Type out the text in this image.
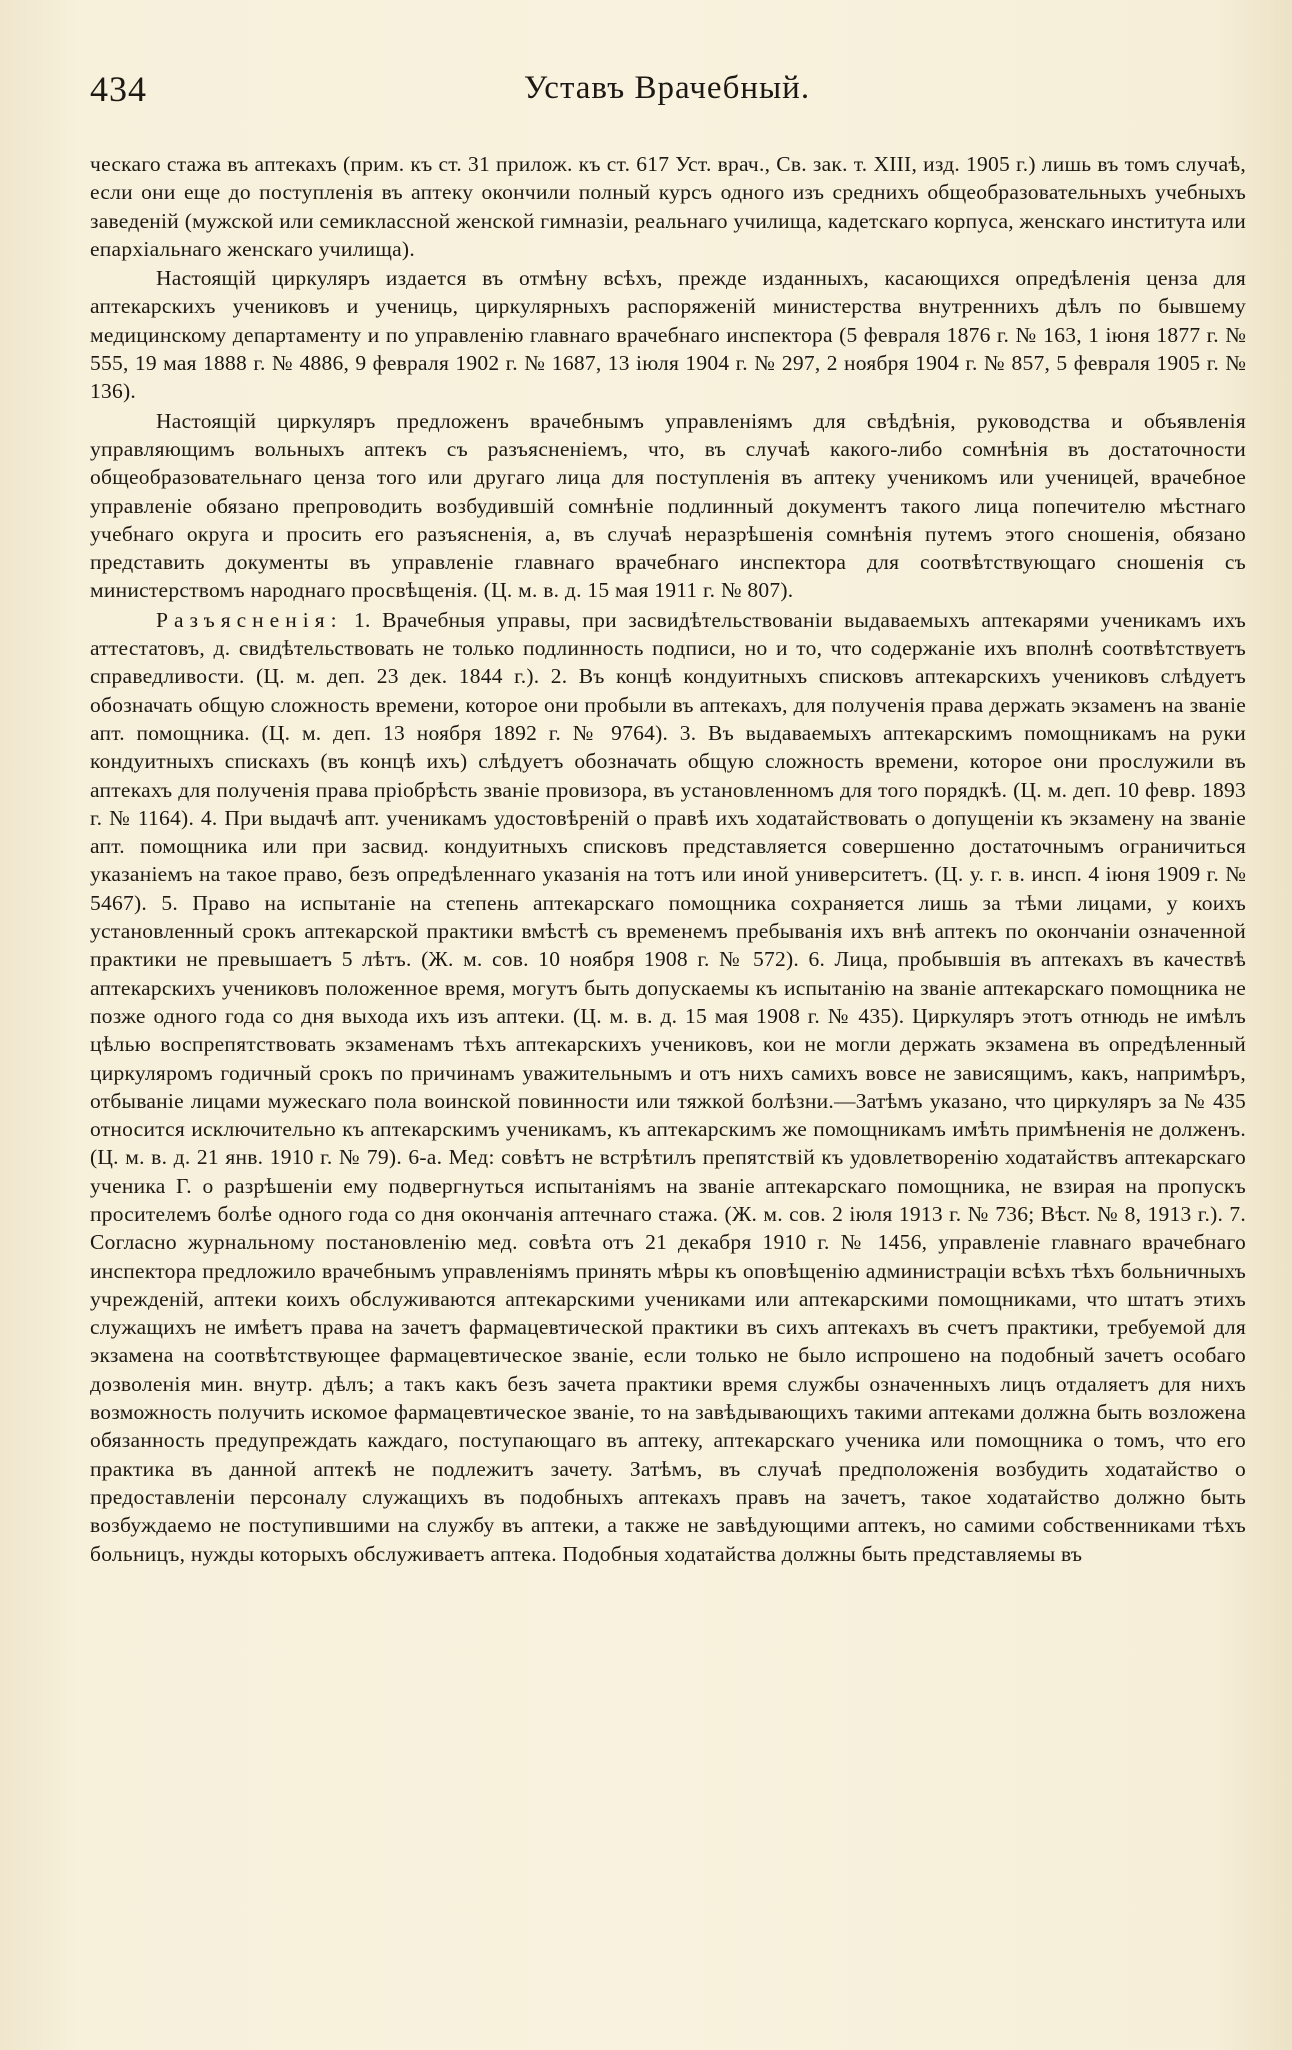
434	Уставъ Врачебный.

ческаго стажа въ аптекахъ (прим. къ ст. 31 прилож. къ ст. 617 Уст. врач., Св. зак. т. XIII, изд. 1905 г.) лишь въ томъ случаѣ, если они еще до поступленія въ аптеку окончили полный курсъ одного изъ среднихъ общеобразовательныхъ учебныхъ заведеній (мужской или семиклассной женской гимназіи, реальнаго училища, кадетскаго корпуса, женскаго института или епархіальнаго женскаго училища).

Настоящій циркуляръ издается въ отмѣну всѣхъ, прежде изданныхъ, касающихся опредѣленія ценза для аптекарскихъ учениковъ и учениць, циркулярныхъ распоряженій министерства внутреннихъ дѣлъ по бывшему медицинскому департаменту и по управленію главнаго врачебнаго инспектора (5 февраля 1876 г. № 163, 1 іюня 1877 г. № 555, 19 мая 1888 г. № 4886, 9 февраля 1902 г. № 1687, 13 іюля 1904 г. № 297, 2 ноября 1904 г. № 857, 5 февраля 1905 г. № 136).

Настоящій циркуляръ предложенъ врачебнымъ управленіямъ для свѣдѣнія, руководства и объявленія управляющимъ вольныхъ аптекъ съ разъясненіемъ, что, въ случаѣ какого-либо сомнѣнія въ достаточности общеобразовательнаго ценза того или другаго лица для поступленія въ аптеку ученикомъ или ученицей, врачебное управленіе обязано препроводить возбудившій сомнѣніе подлинный документъ такого лица попечителю мѣстнаго учебнаго округа и просить его разъясненія, а, въ случаѣ неразрѣшенія сомнѣнія путемъ этого сношенія, обязано представить документы въ управленіе главнаго врачебнаго инспектора для соотвѣтствующаго сношенія съ министерствомъ народнаго просвѣщенія. (Ц. м. в. д. 15 мая 1911 г. № 807).

Разъясненія: 1. Врачебныя управы, при засвидѣтельствованіи выдаваемыхъ аптекарями ученикамъ ихъ аттестатовъ, д. свидѣтельствовать не только подлинность подписи, но и то, что содержаніе ихъ вполнѣ соотвѣтствуетъ справедливости. (Ц. м. деп. 23 дек. 1844 г.). 2. Въ концѣ кондуитныхъ списковъ аптекарскихъ учениковъ слѣдуетъ обозначать общую сложность времени, которое они пробыли въ аптекахъ, для полученія права держать экзаменъ на званіе апт. помощника. (Ц. м. деп. 13 ноября 1892 г. № 9764). 3. Въ выдаваемыхъ аптекарскимъ помощникамъ на руки кондуитныхъ спискахъ (въ концѣ ихъ) слѣдуетъ обозначать общую сложность времени, которое они прослужили въ аптекахъ для полученія права пріобрѣсть званіе провизора, въ установленномъ для того порядкѣ. (Ц. м. деп. 10 февр. 1893 г. № 1164). 4. При выдачѣ апт. ученикамъ удостовѣреній о правѣ ихъ ходатайствовать о допущеніи къ экзамену на званіе апт. помощника или при засвид. кондуитныхъ списковъ представляется совершенно достаточнымъ ограничиться указаніемъ на такое право, безъ опредѣленнаго указанія на тотъ или иной университетъ. (Ц. у. г. в. инсп. 4 іюня 1909 г. № 5467). 5. Право на испытаніе на степень аптекарскаго помощника сохраняется лишь за тѣми лицами, у коихъ установленный срокъ аптекарской практики вмѣстѣ съ временемъ пребыванія ихъ внѣ аптекъ по окончаніи означенной практики не превышаетъ 5 лѣтъ. (Ж. м. сов. 10 ноября 1908 г. № 572). 6. Лица, пробывшія въ аптекахъ въ качествѣ аптекарскихъ учениковъ положенное время, могутъ быть допускаемы къ испытанію на званіе аптекарскаго помощника не позже одного года со дня выхода ихъ изъ аптеки. (Ц. м. в. д. 15 мая 1908 г. № 435). Циркуляръ этотъ отнюдь не имѣлъ цѣлью воспрепятствовать экзаменамъ тѣхъ аптекарскихъ учениковъ, кои не могли держать экзамена въ опредѣленный циркуляромъ годичный срокъ по причинамъ уважительнымъ и отъ нихъ самихъ вовсе не зависящимъ, какъ, напримѣръ, отбываніе лицами мужескаго пола воинской повинности или тяжкой болѣзни.—Затѣмъ указано, что циркуляръ за № 435 относится исключительно къ аптекарскимъ ученикамъ, къ аптекарскимъ же помощникамъ имѣть примѣненія не долженъ. (Ц. м. в. д. 21 янв. 1910 г. № 79). 6-а. Мед: совѣтъ не встрѣтилъ препятствій къ удовлетворенію ходатайствъ аптекарскаго ученика Г. о разрѣшеніи ему подвергнуться испытаніямъ на званіе аптекарскаго помощника, не взирая на пропускъ просителемъ болѣе одного года со дня окончанія аптечнаго стажа. (Ж. м. сов. 2 іюля 1913 г. № 736; Вѣст. № 8, 1913 г.). 7. Согласно журнальному постановленію мед. совѣта отъ 21 декабря 1910 г. № 1456, управленіе главнаго врачебнаго инспектора предложило врачебнымъ управленіямъ принять мѣры къ оповѣщенію администраціи всѣхъ тѣхъ больничныхъ учрежденій, аптеки коихъ обслуживаются аптекарскими учениками или аптекарскими помощниками, что штатъ этихъ служащихъ не имѣетъ права на зачетъ фармацевтической практики въ сихъ аптекахъ въ счетъ практики, требуемой для экзамена на соотвѣтствующее фармацевтическое званіе, если только не было испрошено на подобный зачетъ особаго дозволенія мин. внутр. дѣлъ; а такъ какъ безъ зачета практики время службы означенныхъ лицъ отдаляетъ для нихъ возможность получить искомое фармацевтическое званіе, то на завѣдывающихъ такими аптеками должна быть возложена обязанность предупреждать каждаго, поступающаго въ аптеку, аптекарскаго ученика или помощника о томъ, что его практика въ данной аптекѣ не подлежитъ зачету. Затѣмъ, въ случаѣ предположенія возбудить ходатайство о предоставленіи персоналу служащихъ въ подобныхъ аптекахъ правъ на зачетъ, такое ходатайство должно быть возбуждаемо не поступившими на службу въ аптеки, а также не завѣдующими аптекъ, но самими собственниками тѣхъ больницъ, нужды которыхъ обслуживаетъ аптека. Подобныя ходатайства должны быть представляемы въ
